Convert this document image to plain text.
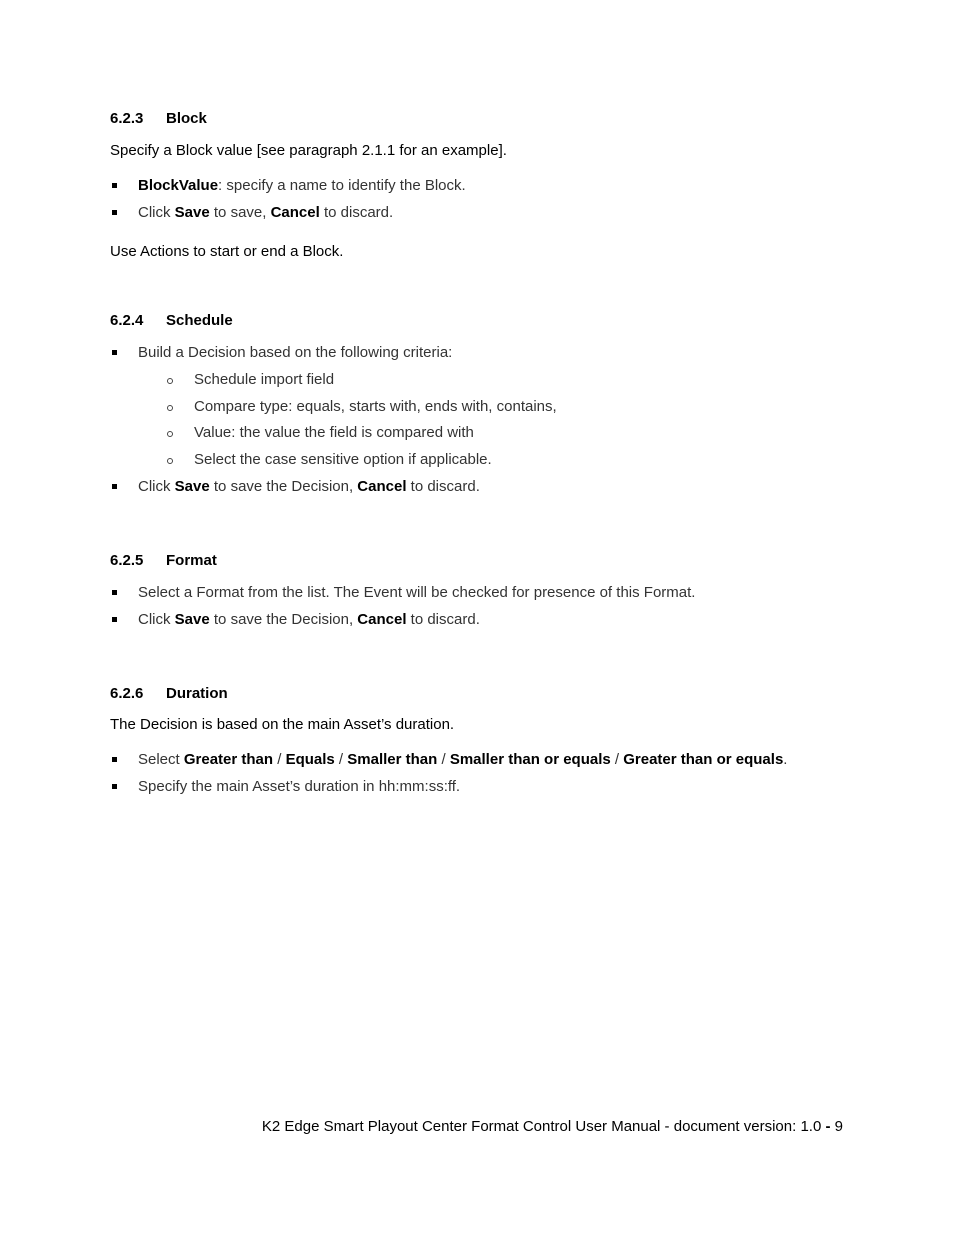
6.2.3 Block
Specify a Block value [see paragraph 2.1.1 for an example].
BlockValue: specify a name to identify the Block.
Click Save to save, Cancel to discard.
Use Actions to start or end a Block.
6.2.4 Schedule
Build a Decision based on the following criteria:
Schedule import field
Compare type: equals, starts with, ends with, contains,
Value: the value the field is compared with
Select the case sensitive option if applicable.
Click Save to save the Decision, Cancel to discard.
6.2.5 Format
Select a Format from the list. The Event will be checked for presence of this Format.
Click Save to save the Decision, Cancel to discard.
6.2.6 Duration
The Decision is based on the main Asset’s duration.
Select Greater than / Equals / Smaller than / Smaller than or equals / Greater than or equals.
Specify the main Asset’s duration in hh:mm:ss:ff.
K2 Edge Smart Playout Center Format Control User Manual - document version: 1.0 - 9
